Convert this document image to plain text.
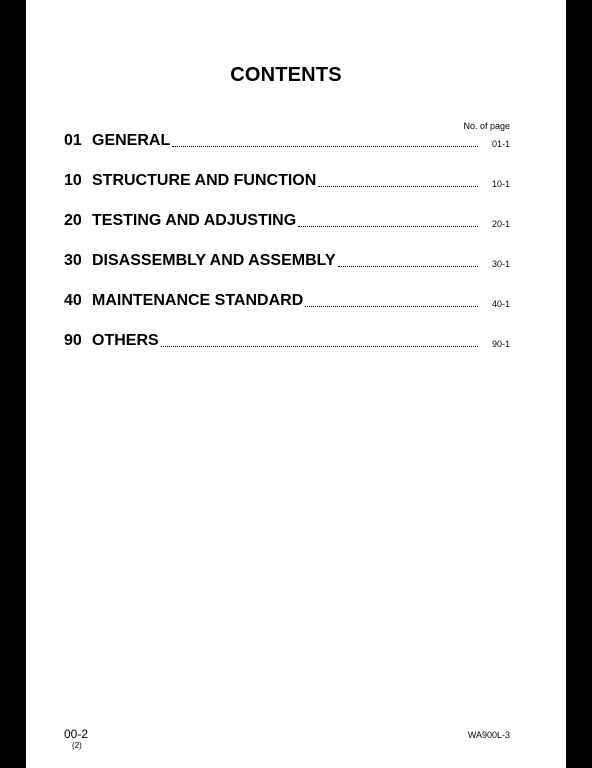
CONTENTS
No. of page
01 GENERAL	01-1
10 STRUCTURE AND FUNCTION	10-1
20 TESTING AND ADJUSTING	20-1
30 DISASSEMBLY AND ASSEMBLY	30-1
40 MAINTENANCE STANDARD	40-1
90 OTHERS	90-1
00-2
(2)
WA900L-3
